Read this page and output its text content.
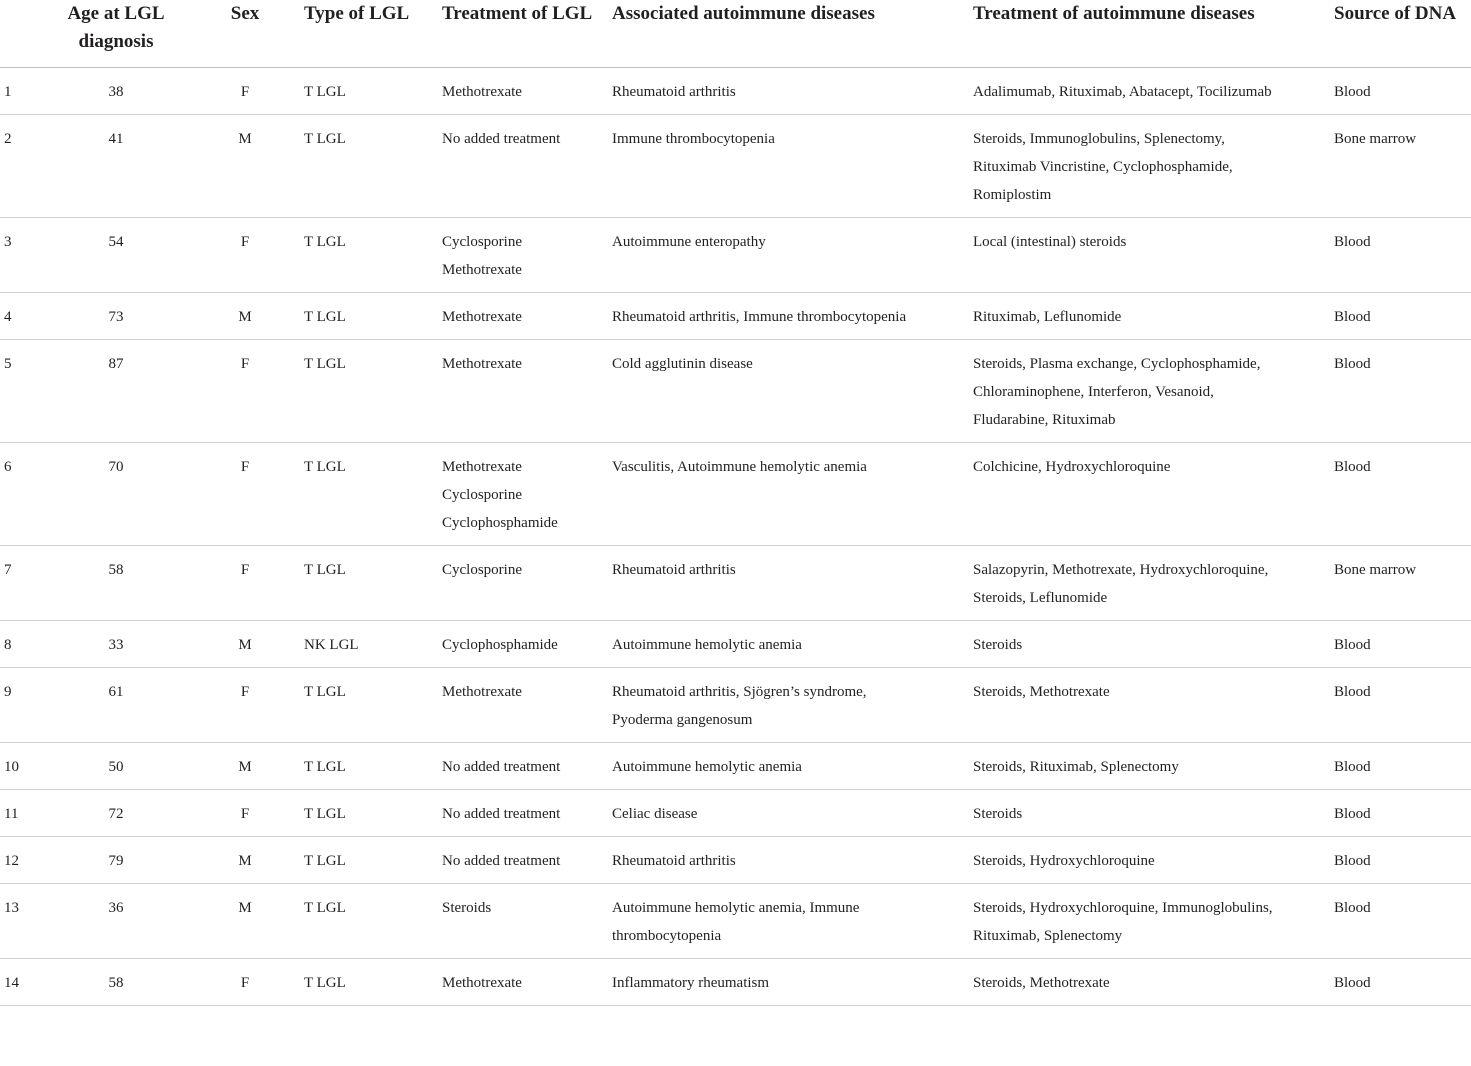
	Age at LGL diagnosis	Sex	Type of LGL	Treatment of LGL	Associated autoimmune diseases	Treatment of autoimmune diseases	Source of DNA
1	38	F	T LGL	Methotrexate	Rheumatoid arthritis	Adalimumab, Rituximab, Abatacept, Tocilizumab	Blood
2	41	M	T LGL	No added treatment	Immune thrombocytopenia	Steroids, Immunoglobulins, Splenectomy,
Rituximab Vincristine, Cyclophosphamide,
Romiplostim	Bone marrow
3	54	F	T LGL	Cyclosporine
Methotrexate	Autoimmune enteropathy	Local (intestinal) steroids	Blood
4	73	M	T LGL	Methotrexate	Rheumatoid arthritis, Immune thrombocytopenia	Rituximab, Leflunomide	Blood
5	87	F	T LGL	Methotrexate	Cold agglutinin disease	Steroids, Plasma exchange, Cyclophosphamide,
Chloraminophene, Interferon, Vesanoid,
Fludarabine, Rituximab	Blood
6	70	F	T LGL	Methotrexate
Cyclosporine
Cyclophosphamide	Vasculitis, Autoimmune hemolytic anemia	Colchicine, Hydroxychloroquine	Blood
7	58	F	T LGL	Cyclosporine	Rheumatoid arthritis	Salazopyrin, Methotrexate, Hydroxychloroquine,
Steroids, Leflunomide	Bone marrow
8	33	M	NK LGL	Cyclophosphamide	Autoimmune hemolytic anemia	Steroids	Blood
9	61	F	T LGL	Methotrexate	Rheumatoid arthritis, Sjögren’s syndrome,
Pyoderma gangenosum	Steroids, Methotrexate	Blood
10	50	M	T LGL	No added treatment	Autoimmune hemolytic anemia	Steroids, Rituximab, Splenectomy	Blood
11	72	F	T LGL	No added treatment	Celiac disease	Steroids	Blood
12	79	M	T LGL	No added treatment	Rheumatoid arthritis	Steroids, Hydroxychloroquine	Blood
13	36	M	T LGL	Steroids	Autoimmune hemolytic anemia, Immune
thrombocytopenia	Steroids, Hydroxychloroquine, Immunoglobulins,
Rituximab, Splenectomy	Blood
14	58	F	T LGL	Methotrexate	Inflammatory rheumatism	Steroids, Methotrexate	Blood
